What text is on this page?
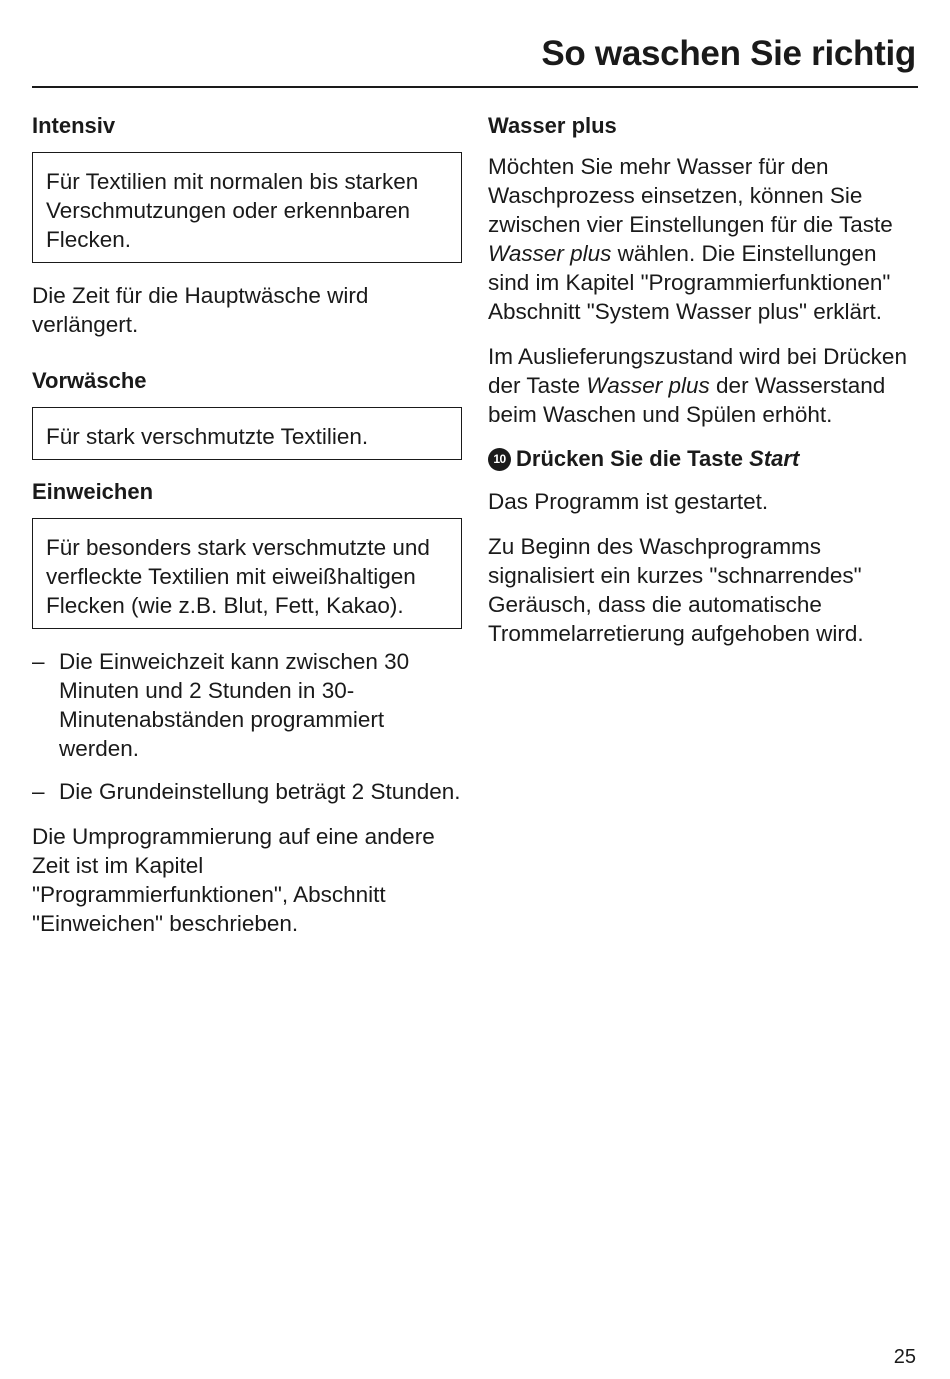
So waschen Sie richtig
Intensiv
Für Textilien mit normalen bis starken Verschmutzungen oder erkennbaren Flecken.

Die Zeit für die Hauptwäsche wird verlängert.

Vorwäsche
Für stark verschmutzte Textilien.
Einweichen
Für besonders stark verschmutzte und verfleckte Textilien mit eiweißhaltigen Flecken (wie z.B. Blut, Fett, Kakao).
– Die Einweichzeit kann zwischen 30 Minuten und 2 Stunden in 30-Minutenabständen programmiert werden.
– Die Grundeinstellung beträgt 2 Stunden.

Die Umprogrammierung auf eine andere Zeit ist im Kapitel "Programmierfunktionen", Abschnitt "Einweichen" beschrieben.

Wasser plus

Möchten Sie mehr Wasser für den Waschprozess einsetzen, können Sie zwischen vier Einstellungen für die Taste Wasser plus wählen. Die Einstellungen sind im Kapitel "Programmierfunktionen" Abschnitt "System Wasser plus" erklärt.

Im Auslieferungszustand wird bei Drücken der Taste Wasser plus der Wasserstand beim Waschen und Spülen erhöht.

10 Drücken Sie die Taste Start

Das Programm ist gestartet.

Zu Beginn des Waschprogramms signalisiert ein kurzes "schnarrendes" Geräusch, dass die automatische Trommelarretierung aufgehoben wird.

25
